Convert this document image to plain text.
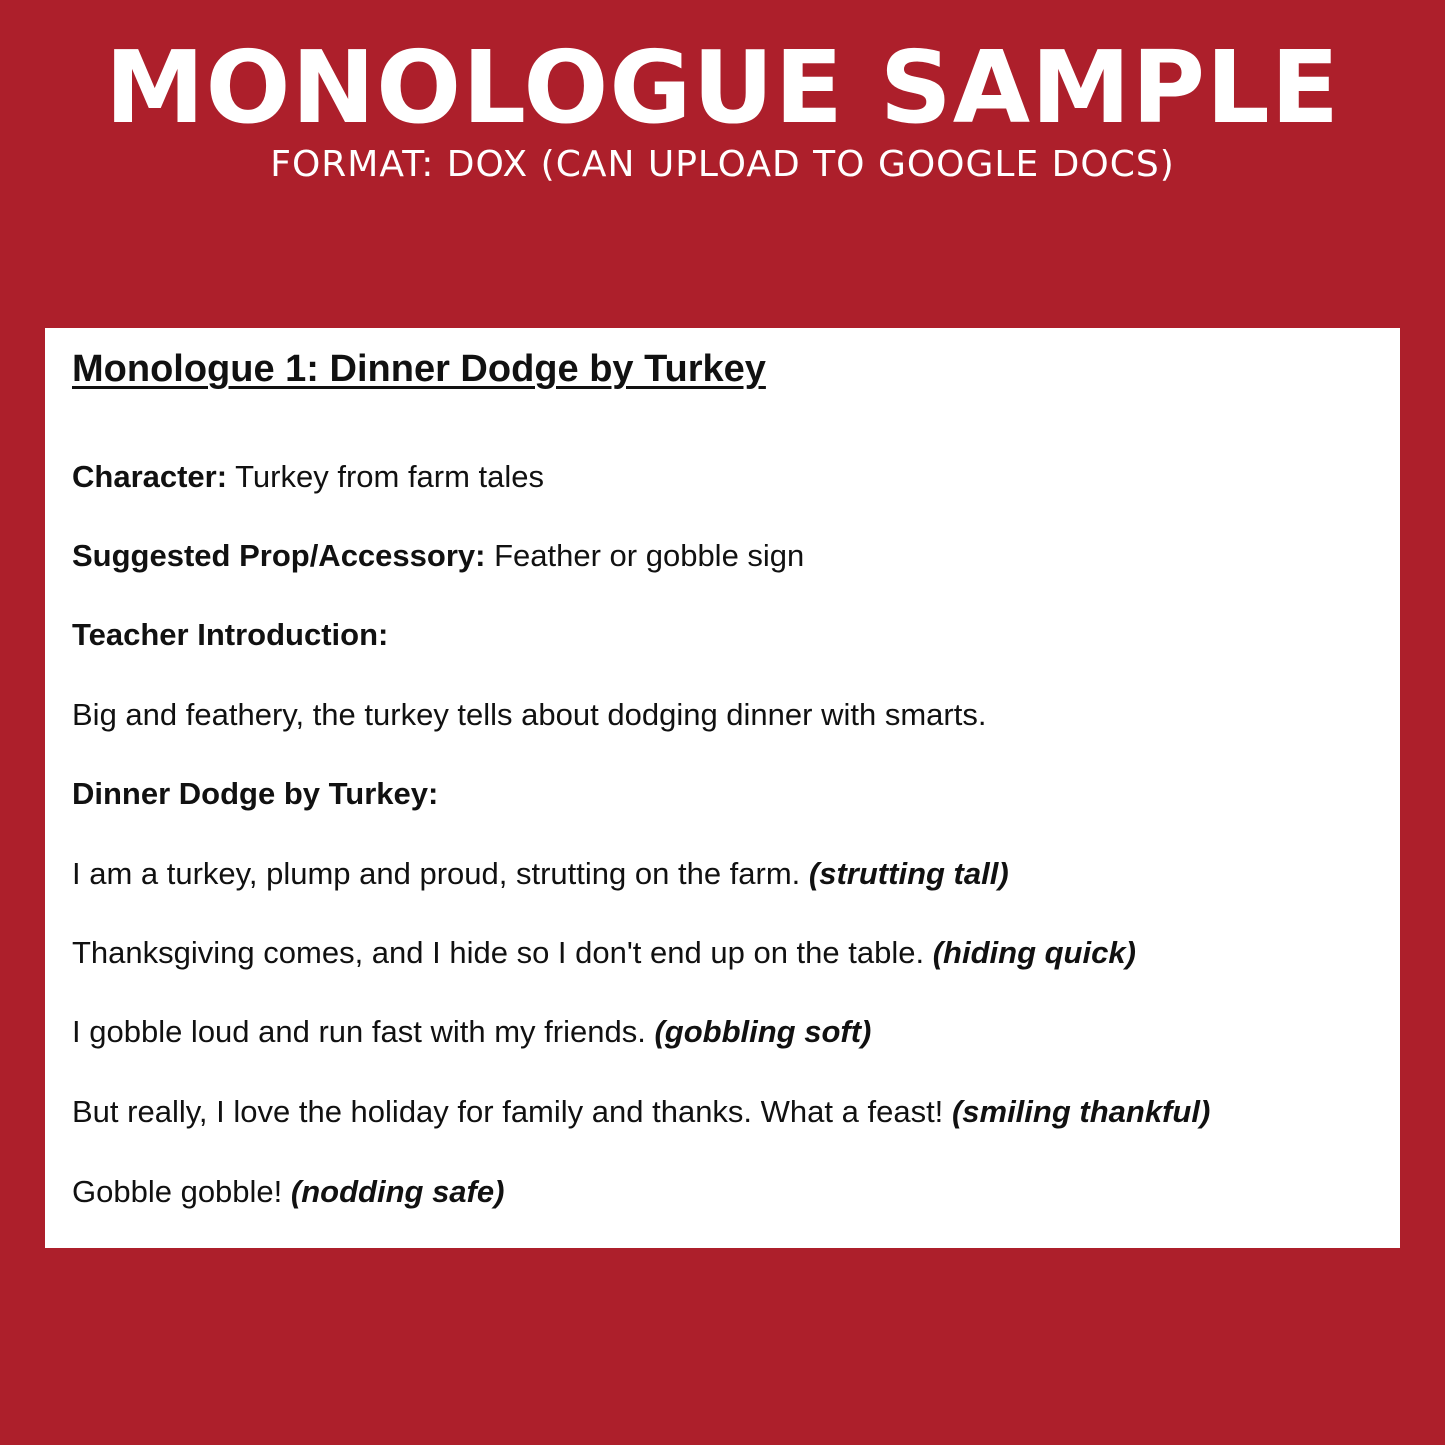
MONOLOGUE SAMPLE

FORMAT: DOX (CAN UPLOAD TO GOOGLE DOCS)

Monologue 1: Dinner Dodge by Turkey

Character: Turkey from farm tales

Suggested Prop/Accessory: Feather or gobble sign

Teacher Introduction:

Big and feathery, the turkey tells about dodging dinner with smarts.

Dinner Dodge by Turkey:

I am a turkey, plump and proud, strutting on the farm. (strutting tall)

Thanksgiving comes, and I hide so I don't end up on the table. (hiding quick)

I gobble loud and run fast with my friends. (gobbling soft)

But really, I love the holiday for family and thanks. What a feast! (smiling thankful)

Gobble gobble! (nodding safe)
